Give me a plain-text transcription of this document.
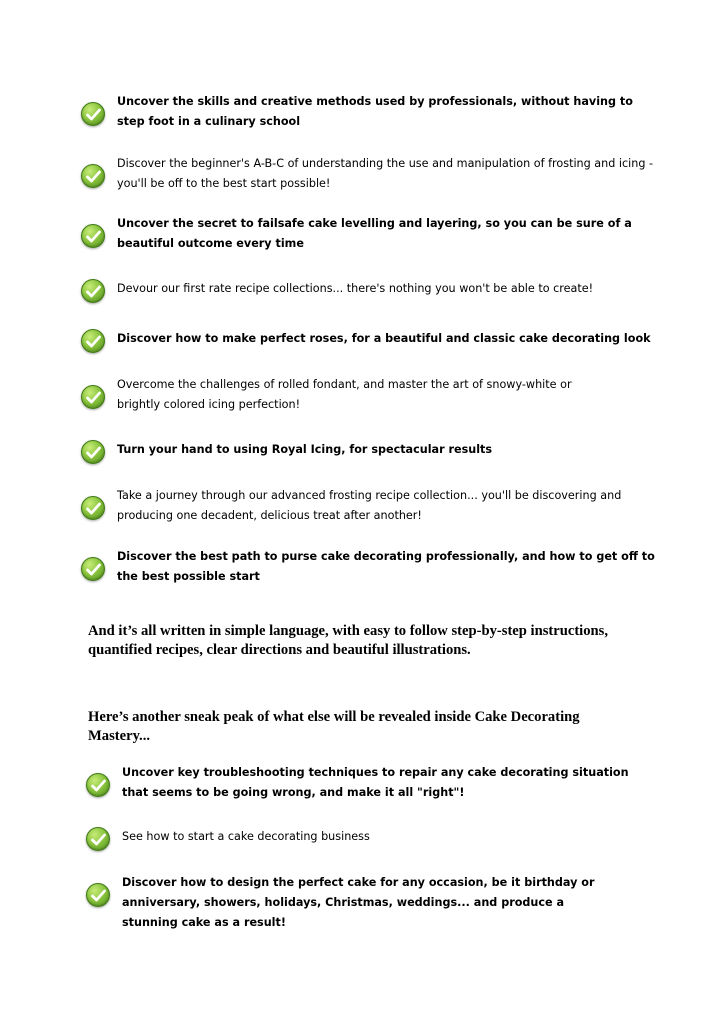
Uncover the skills and creative methods used by professionals, without having to step foot in a culinary school
Discover the beginner's A-B-C of understanding the use and manipulation of frosting and icing - you'll be off to the best start possible!
Uncover the secret to failsafe cake levelling and layering, so you can be sure of a beautiful outcome every time
Devour our first rate recipe collections... there's nothing you won't be able to create!
Discover how to make perfect roses, for a beautiful and classic cake decorating look
Overcome the challenges of rolled fondant, and master the art of snowy-white or brightly colored icing perfection!
Turn your hand to using Royal Icing, for spectacular results
Take a journey through our advanced frosting recipe collection... you'll be discovering and producing one decadent, delicious treat after another!
Discover the best path to purse cake decorating professionally, and how to get off to the best possible start
And it’s all written in simple language, with easy to follow step-by-step instructions, quantified recipes, clear directions and beautiful illustrations.
Here’s another sneak peak of what else will be revealed inside Cake Decorating Mastery...
Uncover key troubleshooting techniques to repair any cake decorating situation that seems to be going wrong, and make it all "right"!
See how to start a cake decorating business
Discover how to design the perfect cake for any occasion, be it birthday or anniversary, showers, holidays, Christmas, weddings... and produce a stunning cake as a result!
